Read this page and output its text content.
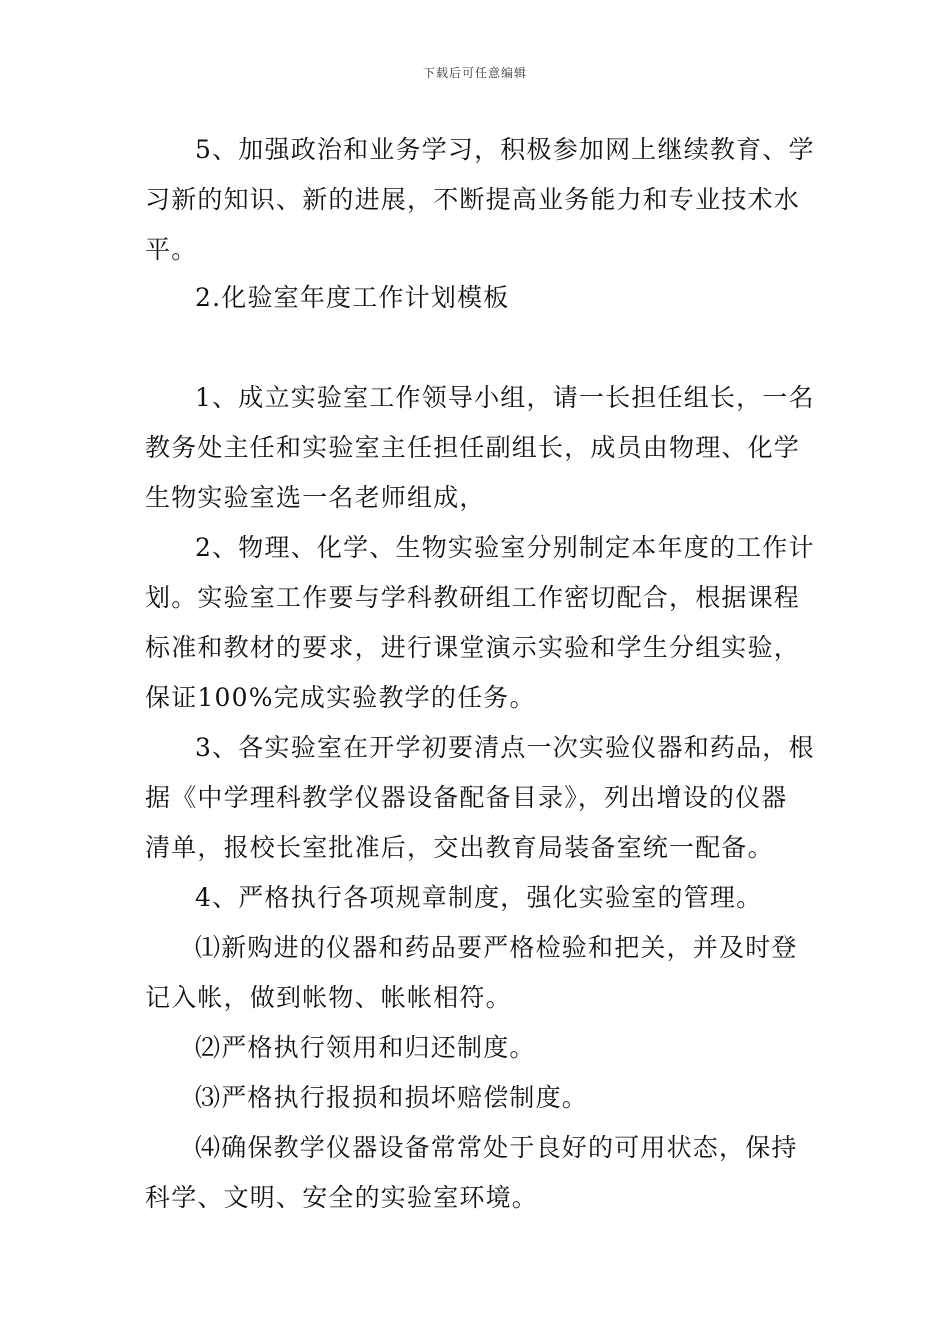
下载后可任意编辑
5、加强政治和业务学习，积极参加网上继续教育、学
习新的知识、新的进展，不断提高业务能力和专业技术水
平。
2.化验室年度工作计划模板
1、成立实验室工作领导小组，请一长担任组长，一名
教务处主任和实验室主任担任副组长，成员由物理、化学
生物实验室选一名老师组成，
2、物理、化学、生物实验室分别制定本年度的工作计
划。实验室工作要与学科教研组工作密切配合，根据课程
标准和教材的要求，进行课堂演示实验和学生分组实验，
保证100%完成实验教学的任务。
3、各实验室在开学初要清点一次实验仪器和药品，根
据《中学理科教学仪器设备配备目录》，列出增设的仪器
清单，报校长室批准后，交出教育局装备室统一配备。
4、严格执行各项规章制度，强化实验室的管理。
⑴新购进的仪器和药品要严格检验和把关，并及时登
记入帐，做到帐物、帐帐相符。
⑵严格执行领用和归还制度。
⑶严格执行报损和损坏赔偿制度。
⑷确保教学仪器设备常常处于良好的可用状态，保持
科学、文明、安全的实验室环境。
